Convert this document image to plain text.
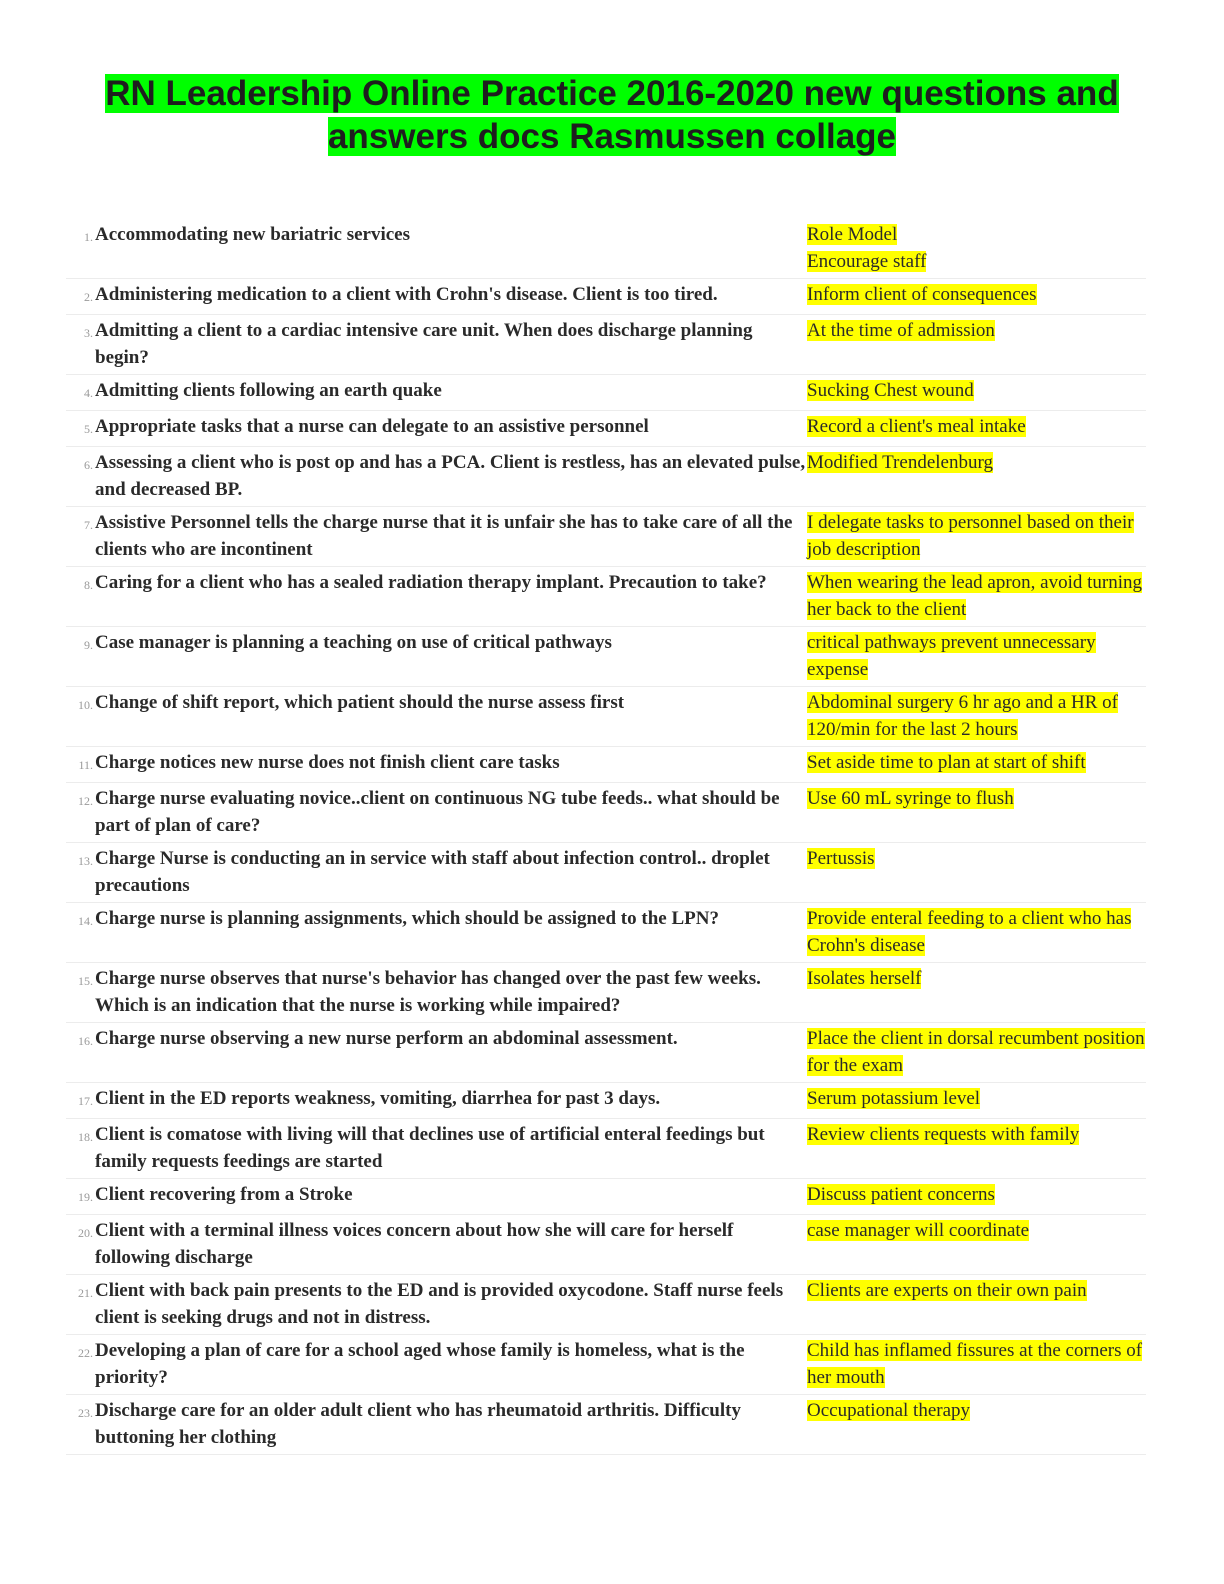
RN Leadership Online Practice 2016-2020 new questions and
answers docs Rasmussen collage
1. Accommodating new bariatric services	Role Model
Encourage staff
2. Administering medication to a client with Crohn's disease. Client is too tired.	Inform client of consequences
3. Admitting a client to a cardiac intensive care unit. When does discharge planning begin?
At the time of admission
4. Admitting clients following an earth quake	Sucking Chest wound
5. Appropriate tasks that a nurse can delegate to an assistive personnel	Record a client's meal intake
6. Assessing a client who is post op and has a PCA. Client is restless, has an elevated pulse, and decreased BP.
Modified Trendelenburg
7. Assistive Personnel tells the charge nurse that it is unfair she has to take care of all the clients who are incontinent
I delegate tasks to personnel based on their job description
8. Caring for a client who has a sealed radiation therapy implant. Precaution to take?	When wearing the lead apron, avoid turning her back to the client
9. Case manager is planning a teaching on use of critical pathways	critical pathways prevent unnecessary expense
10. Change of shift report, which patient should the nurse assess first	Abdominal surgery 6 hr ago and a HR of 120/min for the last 2 hours
11. Charge notices new nurse does not finish client care tasks	Set aside time to plan at start of shift
12. Charge nurse evaluating novice..client on continuous NG tube feeds.. what should be part of plan of care?
Use 60 mL syringe to flush
13. Charge Nurse is conducting an in service with staff about infection control.. droplet precautions
Pertussis
14. Charge nurse is planning assignments, which should be assigned to the LPN?	Provide enteral feeding to a client who has Crohn's disease
15. Charge nurse observes that nurse's behavior has changed over the past few weeks. Which is an indication that the nurse is working while impaired?
Isolates herself
16. Charge nurse observing a new nurse perform an abdominal assessment.	Place the client in dorsal recumbent position for the exam
17. Client in the ED reports weakness, vomiting, diarrhea for past 3 days.	Serum potassium level
18. Client is comatose with living will that declines use of artificial enteral feedings but family requests feedings are started
Review clients requests with family
19. Client recovering from a Stroke	Discuss patient concerns
20. Client with a terminal illness voices concern about how she will care for herself following discharge
case manager will coordinate
21. Client with back pain presents to the ED and is provided oxycodone. Staff nurse feels client is seeking drugs and not in distress.
Clients are experts on their own pain
22. Developing a plan of care for a school aged whose family is homeless, what is the priority?
Child has inflamed fissures at the corners of her mouth
23. Discharge care for an older adult client who has rheumatoid arthritis. Difficulty buttoning her clothing
Occupational therapy
